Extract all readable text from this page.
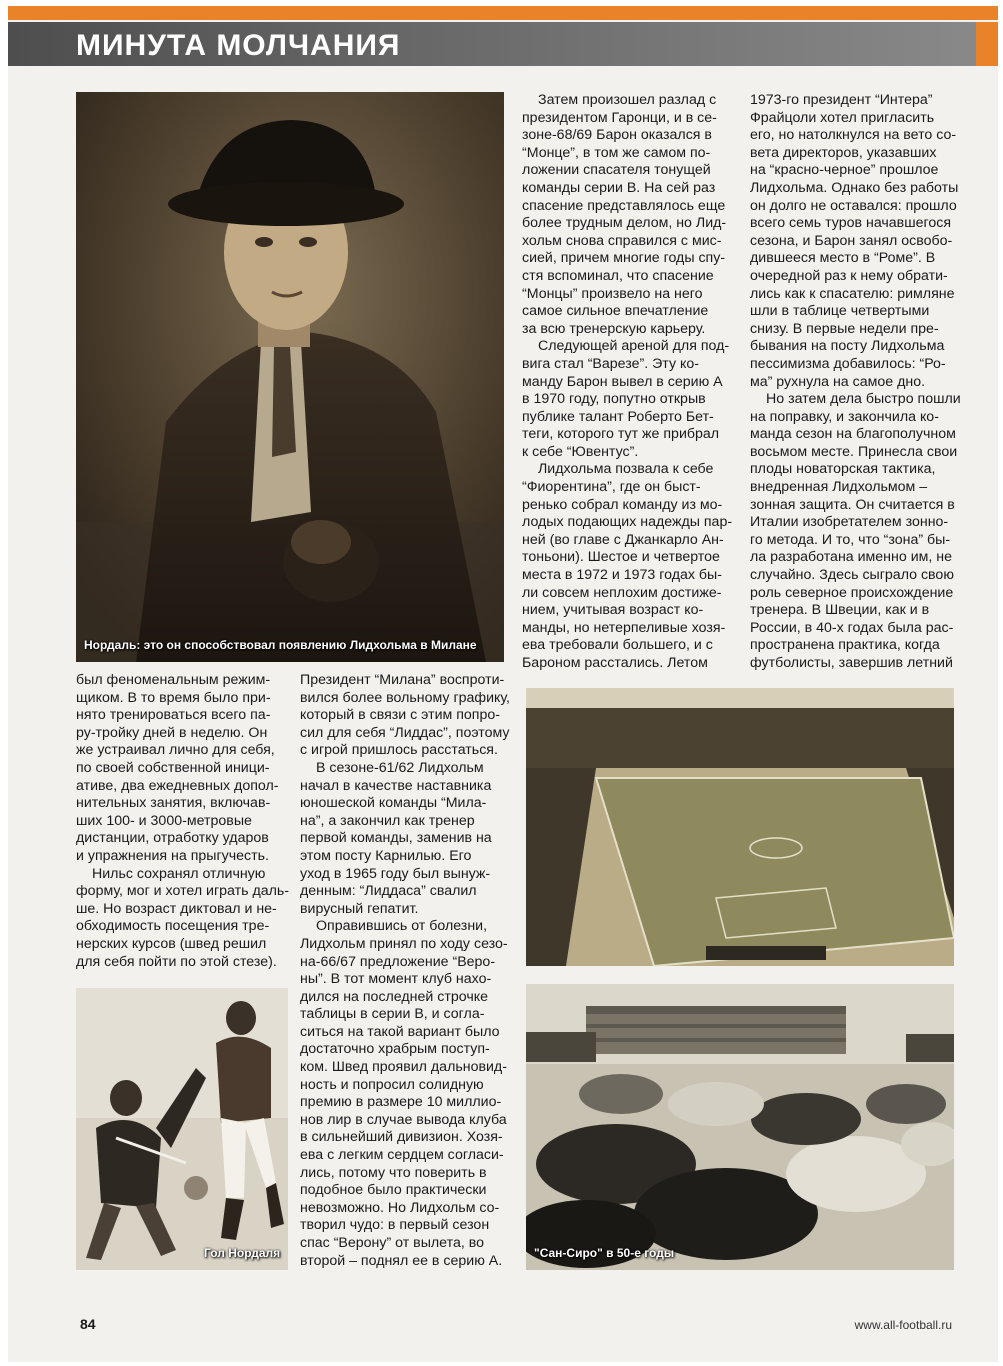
МИНУТА МОЛЧАНИЯ
Нордаль: это он способствовал появлению Лидхольма в Милане
Затем произошел разлад с
президентом Гаронци, и в се-
зоне-68/69 Барон оказался в
“Монце”, в том же самом по-
ложении спасателя тонущей
команды серии В. На сей раз
спасение представлялось еще
более трудным делом, но Лид-
хольм снова справился с мис-
сией, причем многие годы спу-
стя вспоминал, что спасение
“Монцы” произвело на него
самое сильное впечатление
за всю тренерскую карьеру.
Следующей ареной для под-
вига стал “Варезе”. Эту ко-
манду Барон вывел в серию А
в 1970 году, попутно открыв
публике талант Роберто Бет-
теги, которого тут же прибрал
к себе “Ювентус”.
Лидхольма позвала к себе
“Фиорентина”, где он быст-
ренько собрал команду из мо-
лодых подающих надежды пар-
ней (во главе с Джанкарло Ан-
тоньони). Шестое и четвертое
места в 1972 и 1973 годах бы-
ли совсем неплохим достиже-
нием, учитывая возраст ко-
манды, но нетерпеливые хозя-
ева требовали большего, и с
Бароном расстались. Летом
1973-го президент “Интера”
Фрайцоли хотел пригласить
его, но натолкнулся на вето со-
вета директоров, указавших
на “красно-черное” прошлое
Лидхольма. Однако без работы
он долго не оставался: прошло
всего семь туров начавшегося
сезона, и Барон занял освобо-
дившееся место в “Роме”. В
очередной раз к нему обрати-
лись как к спасателю: римляне
шли в таблице четвертыми
снизу. В первые недели пре-
бывания на посту Лидхольма
пессимизма добавилось: “Ро-
ма” рухнула на самое дно.
Но затем дела быстро пошли
на поправку, и закончила ко-
манда сезон на благополучном
восьмом месте. Принесла свои
плоды новаторская тактика,
внедренная Лидхольмом –
зонная защита. Он считается в
Италии изобретателем зонно-
го метода. И то, что “зона” бы-
ла разработана именно им, не
случайно. Здесь сыграло свою
роль северное происхождение
тренера. В Швеции, как и в
России, в 40-х годах была рас-
пространена практика, когда
футболисты, завершив летний
был феноменальным режим-
щиком. В то время было при-
нято тренироваться всего па-
ру-тройку дней в неделю. Он
же устраивал лично для себя,
по своей собственной иници-
ативе, два ежедневных допол-
нительных занятия, включав-
ших 100- и 3000-метровые
дистанции, отработку ударов
и упражнения на прыгучесть.
Нильс сохранял отличную
форму, мог и хотел играть даль-
ше. Но возраст диктовал и не-
обходимость посещения тре-
нерских курсов (швед решил
для себя пойти по этой стезе).
Президент “Милана” воспроти-
вился более вольному графику,
который в связи с этим попро-
сил для себя “Лиддас”, поэтому
с игрой пришлось расстаться.
В сезоне-61/62 Лидхольм
начал в качестве наставника
юношеской команды “Мила-
на”, а закончил как тренер
первой команды, заменив на
этом посту Карнилью. Его
уход в 1965 году был вынуж-
денным: “Лиддаса” свалил
вирусный гепатит.
Оправившись от болезни,
Лидхольм принял по ходу сезо-
на-66/67 предложение “Веро-
ны”. В тот момент клуб нахо-
дился на последней строчке
таблицы в серии В, и согла-
ситься на такой вариант было
достаточно храбрым поступ-
ком. Швед проявил дальновид-
ность и попросил солидную
премию в размере 10 миллио-
нов лир в случае вывода клуба
в сильнейший дивизион. Хозя-
ева с легким сердцем согласи-
лись, потому что поверить в
подобное было практически
невозможно. Но Лидхольм со-
творил чудо: в первый сезон
спас “Верону” от вылета, во
второй – поднял ее в серию А.
Гол Нордаля	"Сан-Сиро" в 50-е годы
84	www.all-football.ru
